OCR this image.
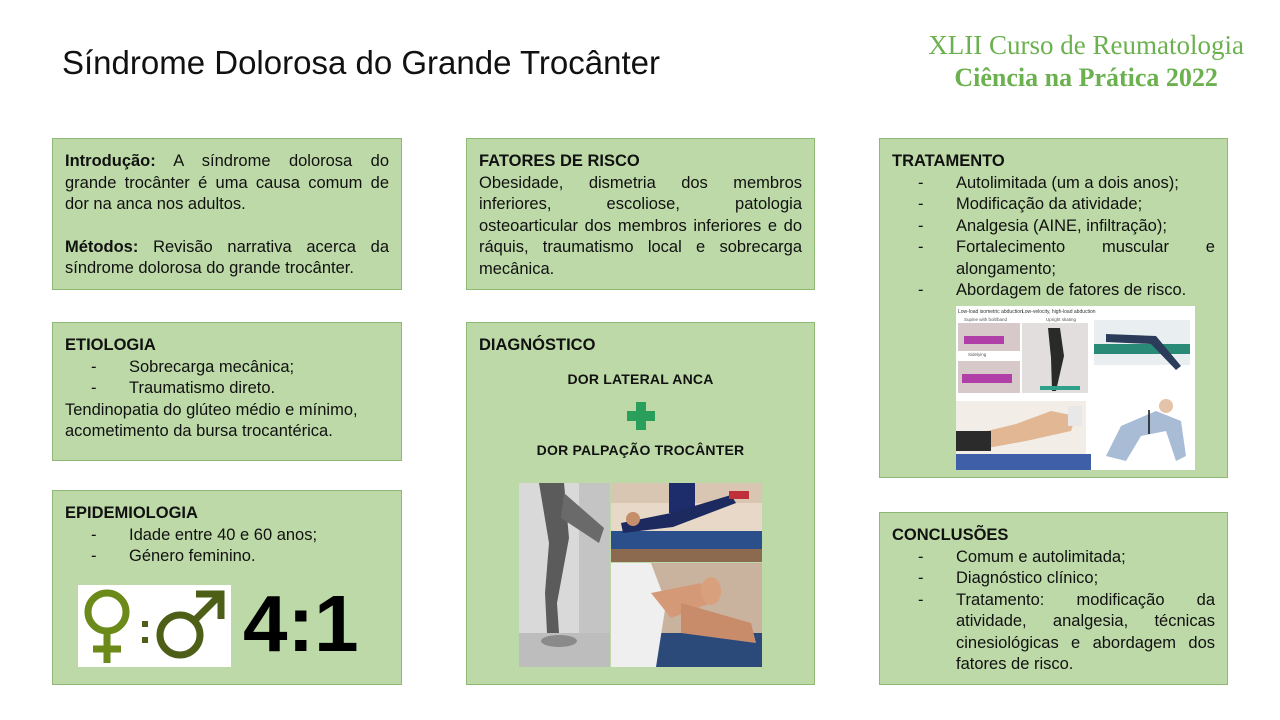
Síndrome Dolorosa do Grande Trocânter	XLII Curso de Reumatologia
Ciência na Prática 2022
Introdução: A síndrome dolorosa do grande trocânter é uma causa comum de dor na anca nos adultos.
Métodos: Revisão narrativa acerca da síndrome dolorosa do grande trocânter.
ETIOLOGIA
- Sobrecarga mecânica;
- Traumatismo direto.
Tendinopatia do glúteo médio e mínimo, acometimento da bursa trocantérica.
EPIDEMIOLOGIA
- Idade entre 40 e 60 anos;
- Género feminino.
4:1
FATORES DE RISCO
Obesidade, dismetria dos membros inferiores, escoliose, patologia osteoarticular dos membros inferiores e do ráquis, traumatismo local e sobrecarga mecânica.
DIAGNÓSTICO
DOR LATERAL ANCA
DOR PALPAÇÃO TROCÂNTER
TRATAMENTO
- Autolimitada (um a dois anos);
- Modificação da atividade;
- Analgesia (AINE, infiltração);
- Fortalecimento muscular e alongamento;
- Abordagem de fatores de risco.
Low-load isometric abduction Low-velocity, high-load abduction
Supine with bolt/band	Upright skating
Sidelying
CONCLUSÕES
- Comum e autolimitada;
- Diagnóstico clínico;
- Tratamento: modificação da atividade, analgesia, técnicas cinesiológicas e abordagem dos fatores de risco.
